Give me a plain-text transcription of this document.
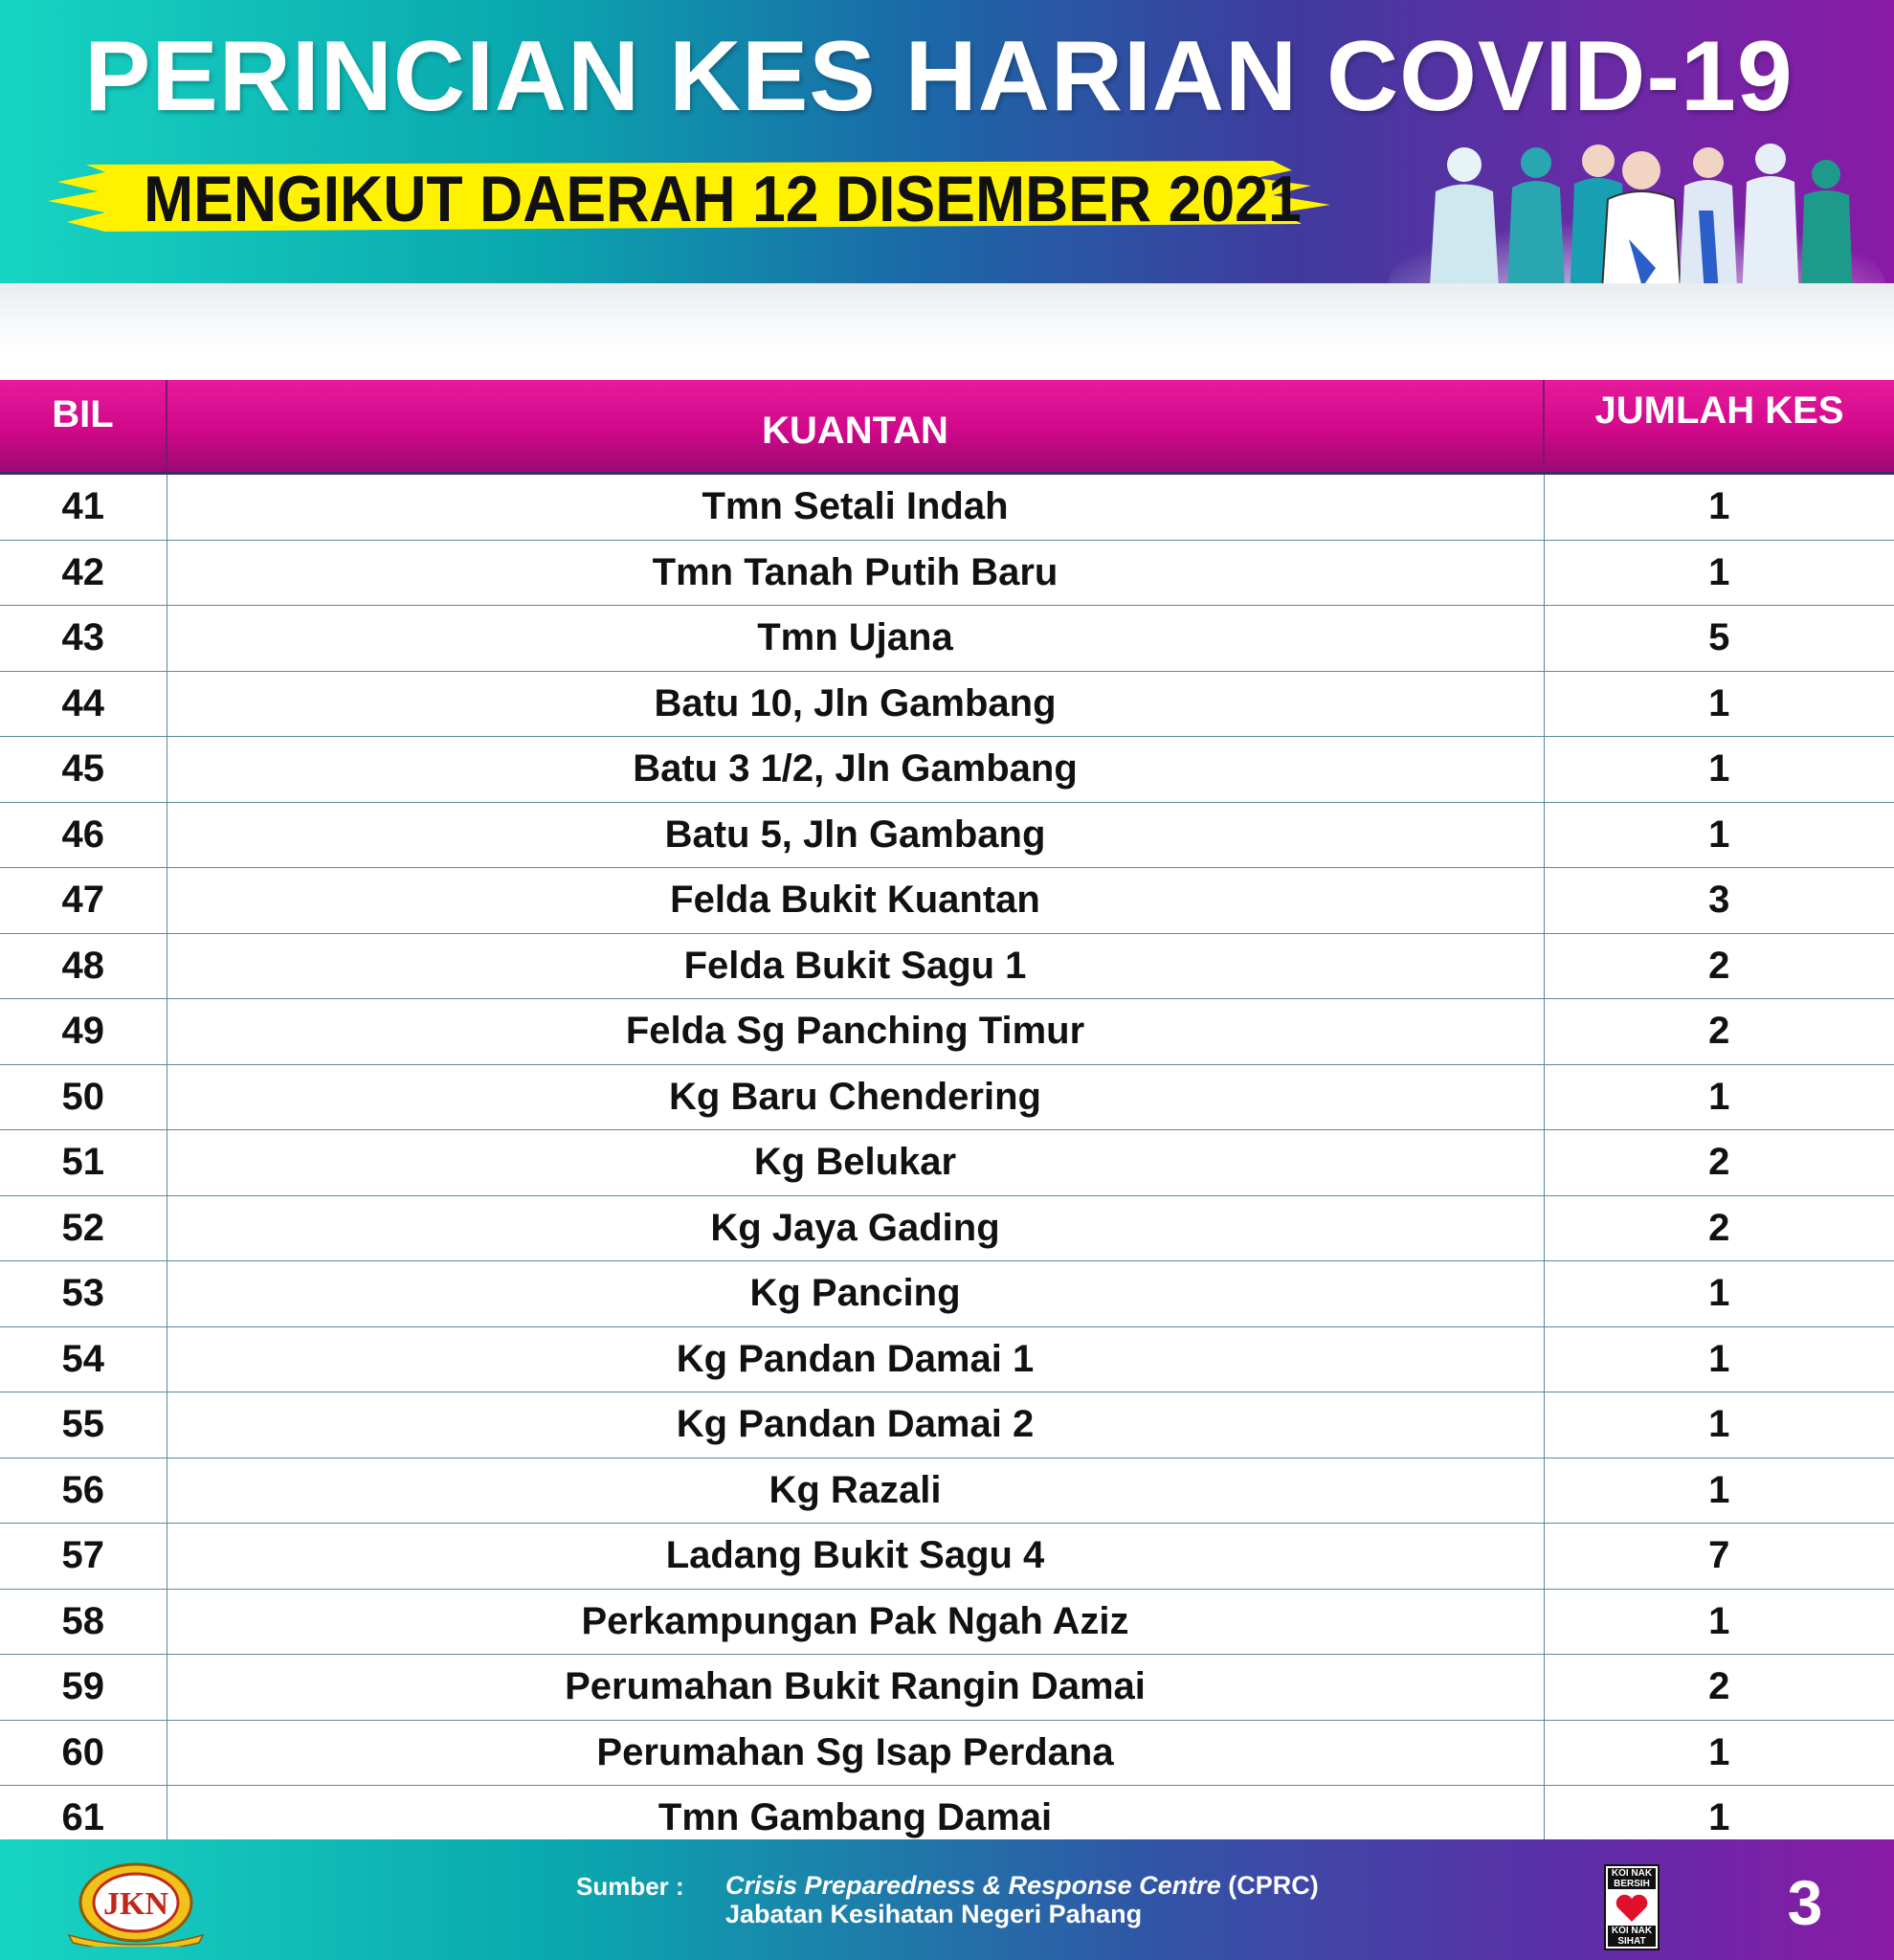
PERINCIAN KES HARIAN COVID-19
MENGIKUT DAERAH 12 DISEMBER 2021
BIL	KUANTAN	JUMLAH KES
41	Tmn Setali Indah	1
42	Tmn Tanah Putih Baru	1
43	Tmn Ujana	5
44	Batu 10, Jln Gambang	1
45	Batu 3 1/2, Jln Gambang	1
46	Batu 5, Jln Gambang	1
47	Felda Bukit Kuantan	3
48	Felda Bukit Sagu 1	2
49	Felda Sg Panching Timur	2
50	Kg Baru Chendering	1
51	Kg Belukar	2
52	Kg Jaya Gading	2
53	Kg Pancing	1
54	Kg Pandan Damai 1	1
55	Kg Pandan Damai 2	1
56	Kg Razali	1
57	Ladang Bukit Sagu 4	7
58	Perkampungan Pak Ngah Aziz	1
59	Perumahan Bukit Rangin Damai	2
60	Perumahan Sg Isap Perdana	1
61	Tmn Gambang Damai	1
JKN	Sumber : Crisis Preparedness & Response Centre (CPRC)
Jabatan Kesihatan Negeri Pahang
KOI NAK BERSIH
KOI NAK SIHAT
3
